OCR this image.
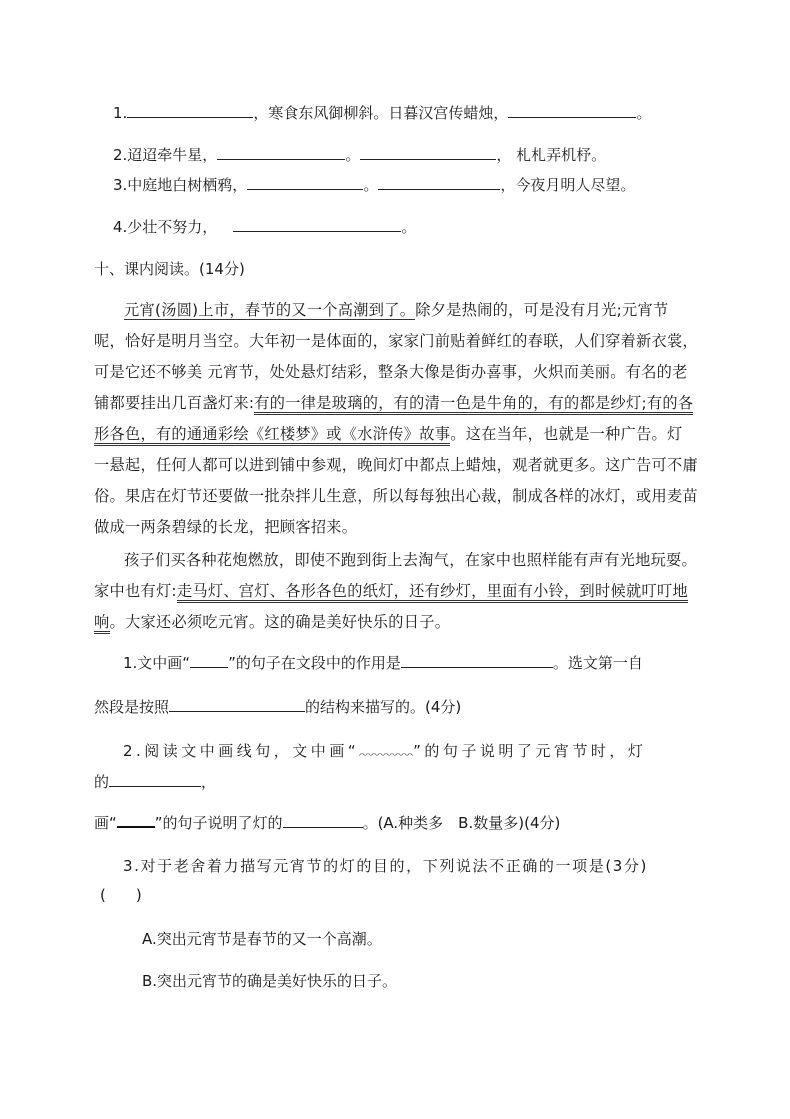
1.	，寒食东风御柳斜。日暮汉宫传蜡烛，	。
2.迢迢牵牛星，	。	， 札札弄机杼。
3.中庭地白树栖鸦，	。	，今夜月明人尽望。
4.少壮不努力，	。
十、课内阅读。(14分)
元宵(汤圆)上市，春节的又一个高潮到了。除夕是热闹的，可是没有月光;元宵节呢，恰好是明月当空。大年初一是体面的，家家门前贴着鲜红的春联，人们穿着新衣裳，可是它还不够美 元宵节，处处悬灯结彩，整条大像是街办喜事，火炽而美丽。有名的老铺都要挂出几百盏灯来:有的一律是玻璃的，有的清一色是牛角的，有的都是纱灯;有的各形各色，有的通通彩绘《红楼梦》或《水浒传》故事。这在当年，也就是一种广告。灯一悬起，任何人都可以进到铺中参观，晚间灯中都点上蜡烛，观者就更多。这广告可不庸俗。果店在灯节还要做一批杂拌儿生意，所以每每独出心裁，制成各样的冰灯，或用麦苗做成一两条碧绿的长龙，把顾客招来。
孩子们买各种花炮燃放，即使不跑到街上去淘气，在家中也照样能有声有光地玩耍。家中也有灯:走马灯、宫灯、各形各色的纸灯，还有纱灯，里面有小铃，到时候就叮叮地响。大家还必须吃元宵。这的确是美好快乐的日子。
1.文中画“	”的句子在文段中的作用是	。选文第一自
然段是按照	的结构来描写的。(4分)
2.阅读文中画线句，文中画“	”的句子说明了元宵节时，灯
的	，
画“	”的句子说明了灯的	。(A.种类多　B.数量多)(4分)
3.对于老舍着力描写元宵节的灯的目的，下列说法不正确的一项是(3分)
(　　)
A.突出元宵节是春节的又一个高潮。
B.突出元宵节的确是美好快乐的日子。
